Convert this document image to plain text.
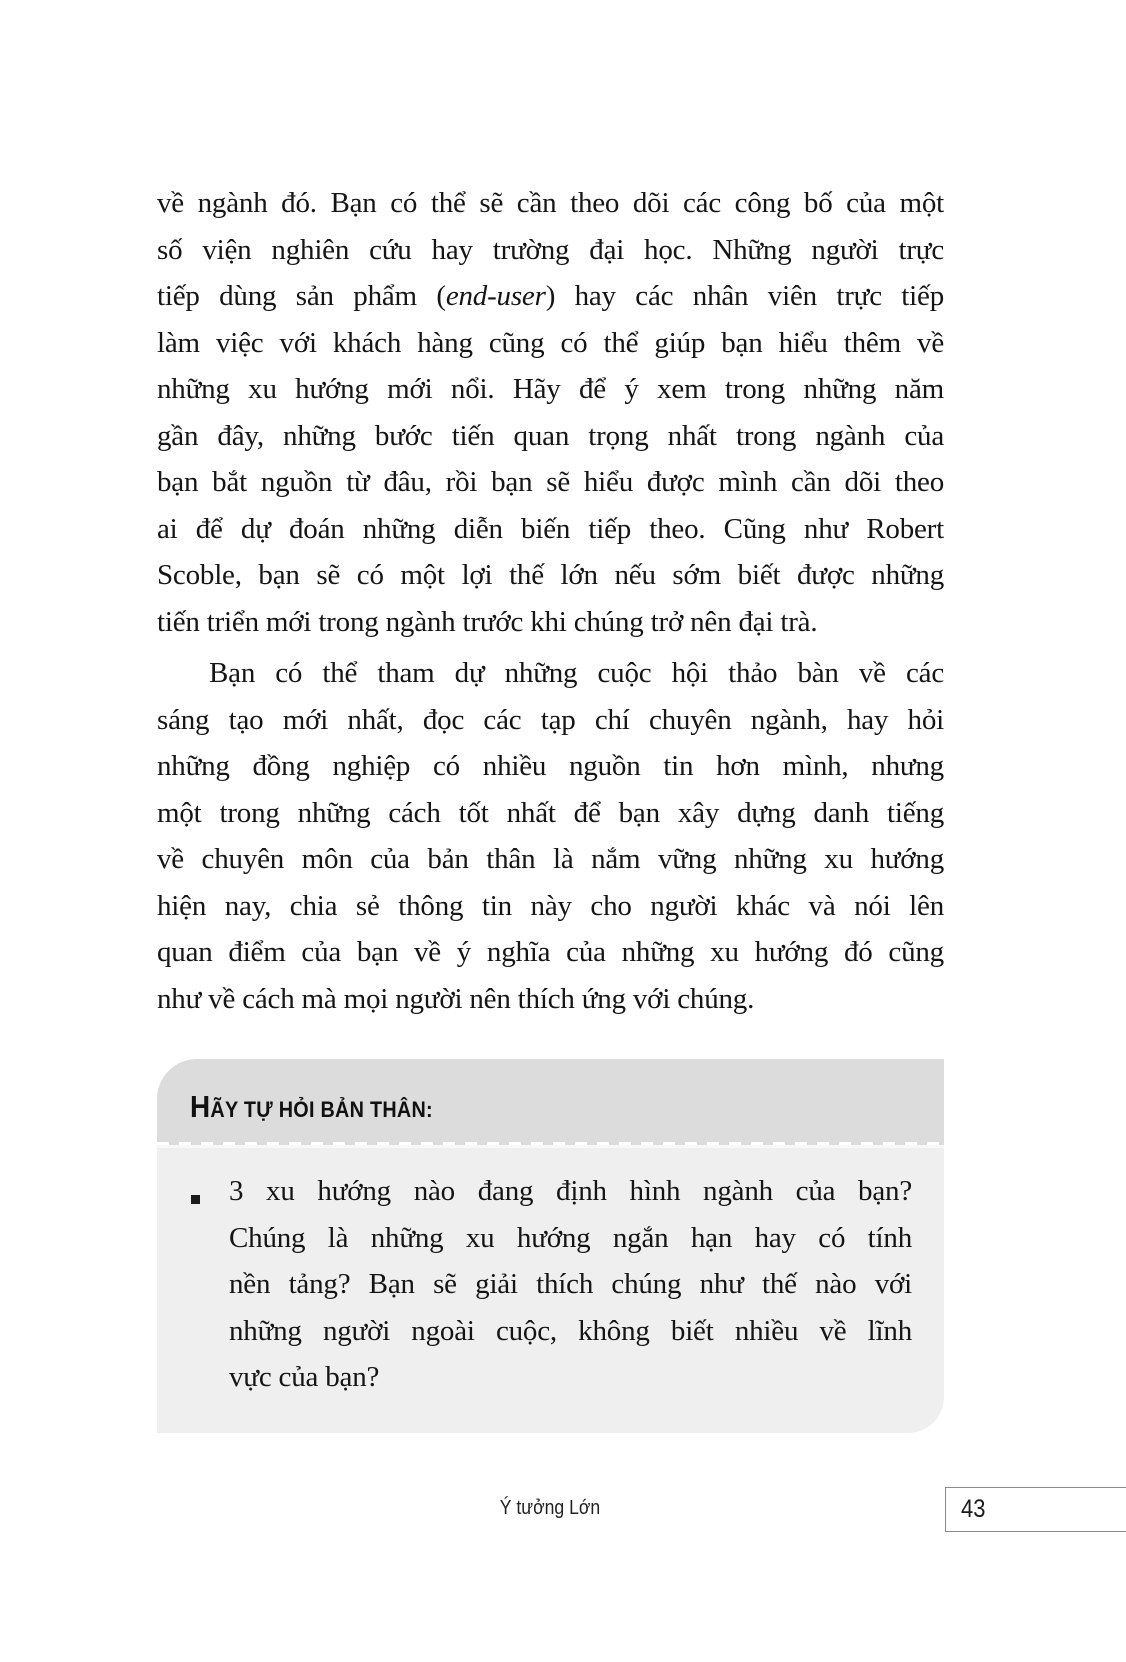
về ngành đó. Bạn có thể sẽ cần theo dõi các công bố của một
số viện nghiên cứu hay trường đại học. Những người trực
tiếp dùng sản phẩm (end-user) hay các nhân viên trực tiếp
làm việc với khách hàng cũng có thể giúp bạn hiểu thêm về
những xu hướng mới nổi. Hãy để ý xem trong những năm
gần đây, những bước tiến quan trọng nhất trong ngành của
bạn bắt nguồn từ đâu, rồi bạn sẽ hiểu được mình cần dõi theo
ai để dự đoán những diễn biến tiếp theo. Cũng như Robert
Scoble, bạn sẽ có một lợi thế lớn nếu sớm biết được những
tiến triển mới trong ngành trước khi chúng trở nên đại trà.
Bạn có thể tham dự những cuộc hội thảo bàn về các
sáng tạo mới nhất, đọc các tạp chí chuyên ngành, hay hỏi
những đồng nghiệp có nhiều nguồn tin hơn mình, nhưng
một trong những cách tốt nhất để bạn xây dựng danh tiếng
về chuyên môn của bản thân là nắm vững những xu hướng
hiện nay, chia sẻ thông tin này cho người khác và nói lên
quan điểm của bạn về ý nghĩa của những xu hướng đó cũng
như về cách mà mọi người nên thích ứng với chúng.
HÃY TỰ HỎI BẢN THÂN:
3 xu hướng nào đang định hình ngành của bạn?
Chúng là những xu hướng ngắn hạn hay có tính
nền tảng? Bạn sẽ giải thích chúng như thế nào với
những người ngoài cuộc, không biết nhiều về lĩnh
vực của bạn?
Ý tưởng Lớn	43
